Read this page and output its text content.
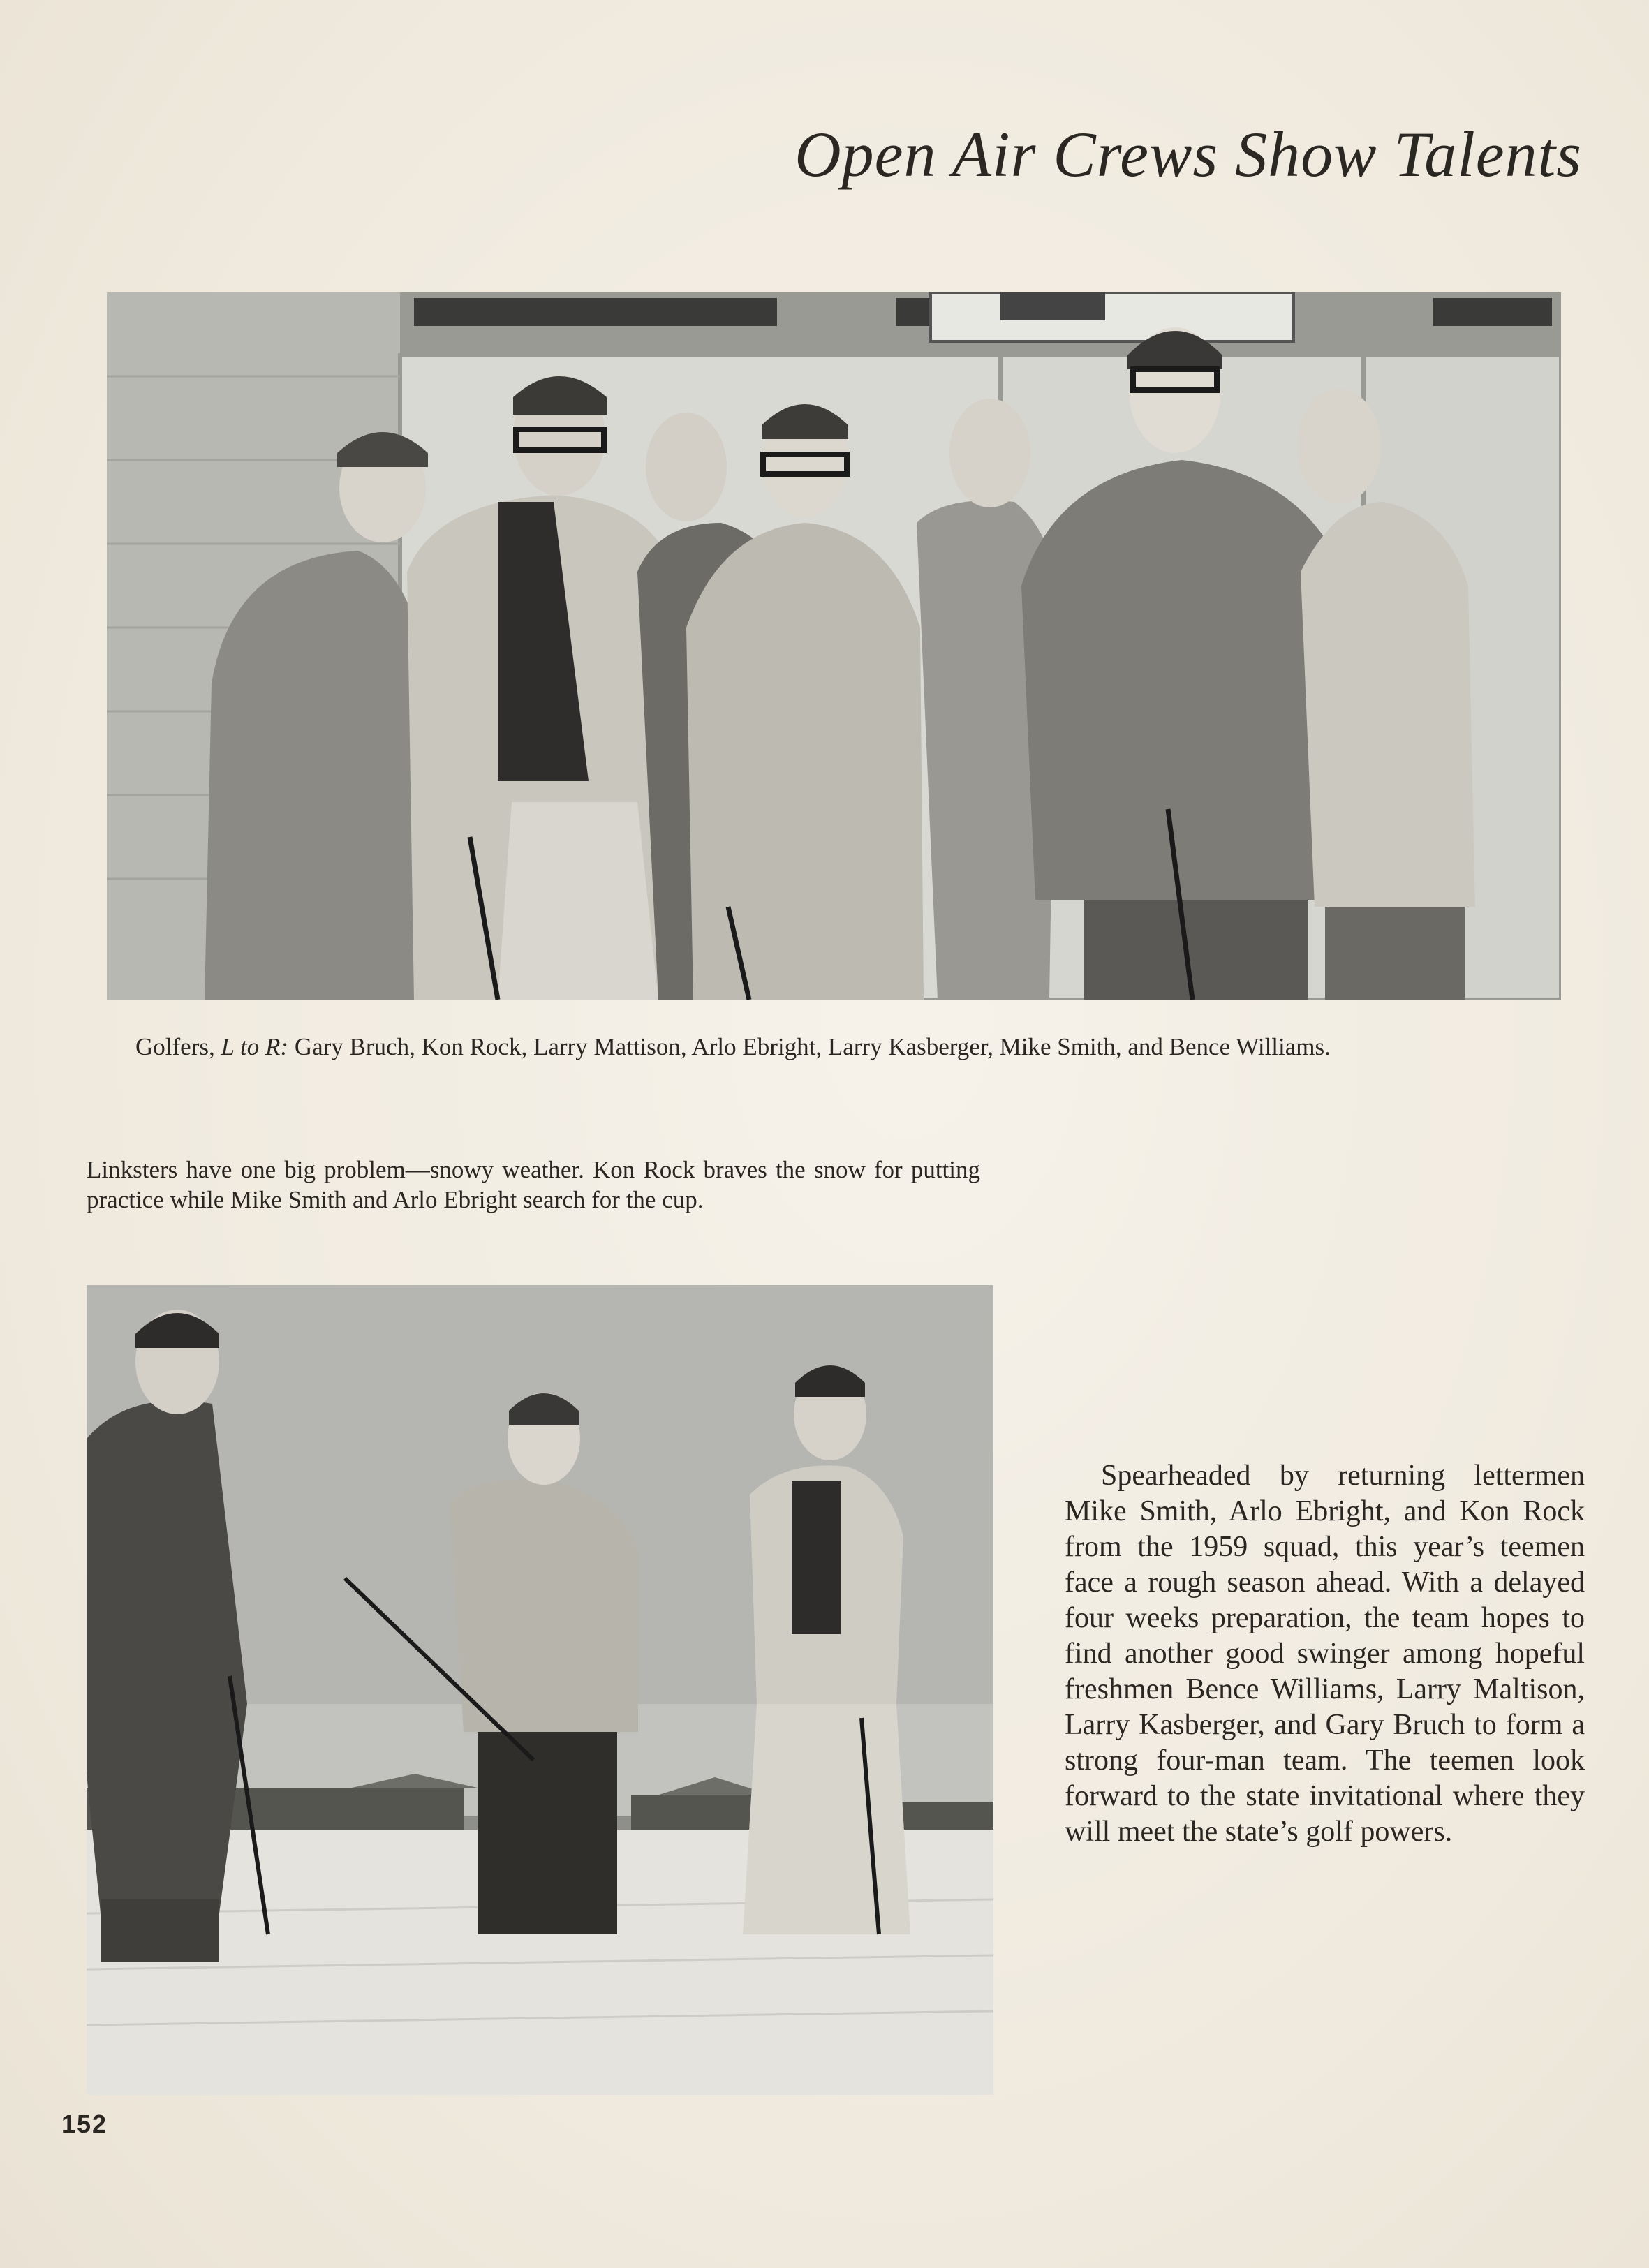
Open Air Crews Show Talents

Golfers, L to R: Gary Bruch, Kon Rock, Larry Mattison, Arlo Ebright, Larry Kasberger, Mike Smith, and Bence Williams.

Linksters have one big problem—snowy weather. Kon Rock braves the snow for putting practice while Mike Smith and Arlo Ebright search for the cup.

Spearheaded by returning lettermen Mike Smith, Arlo Ebright, and Kon Rock from the 1959 squad, this year’s teemen face a rough season ahead. With a delayed four weeks preparation, the team hopes to find another good swinger among hopeful freshmen Bence Williams, Larry Maltison, Larry Kasberger, and Gary Bruch to form a strong four-man team. The teemen look forward to the state invitational where they will meet the state’s golf powers.

152
